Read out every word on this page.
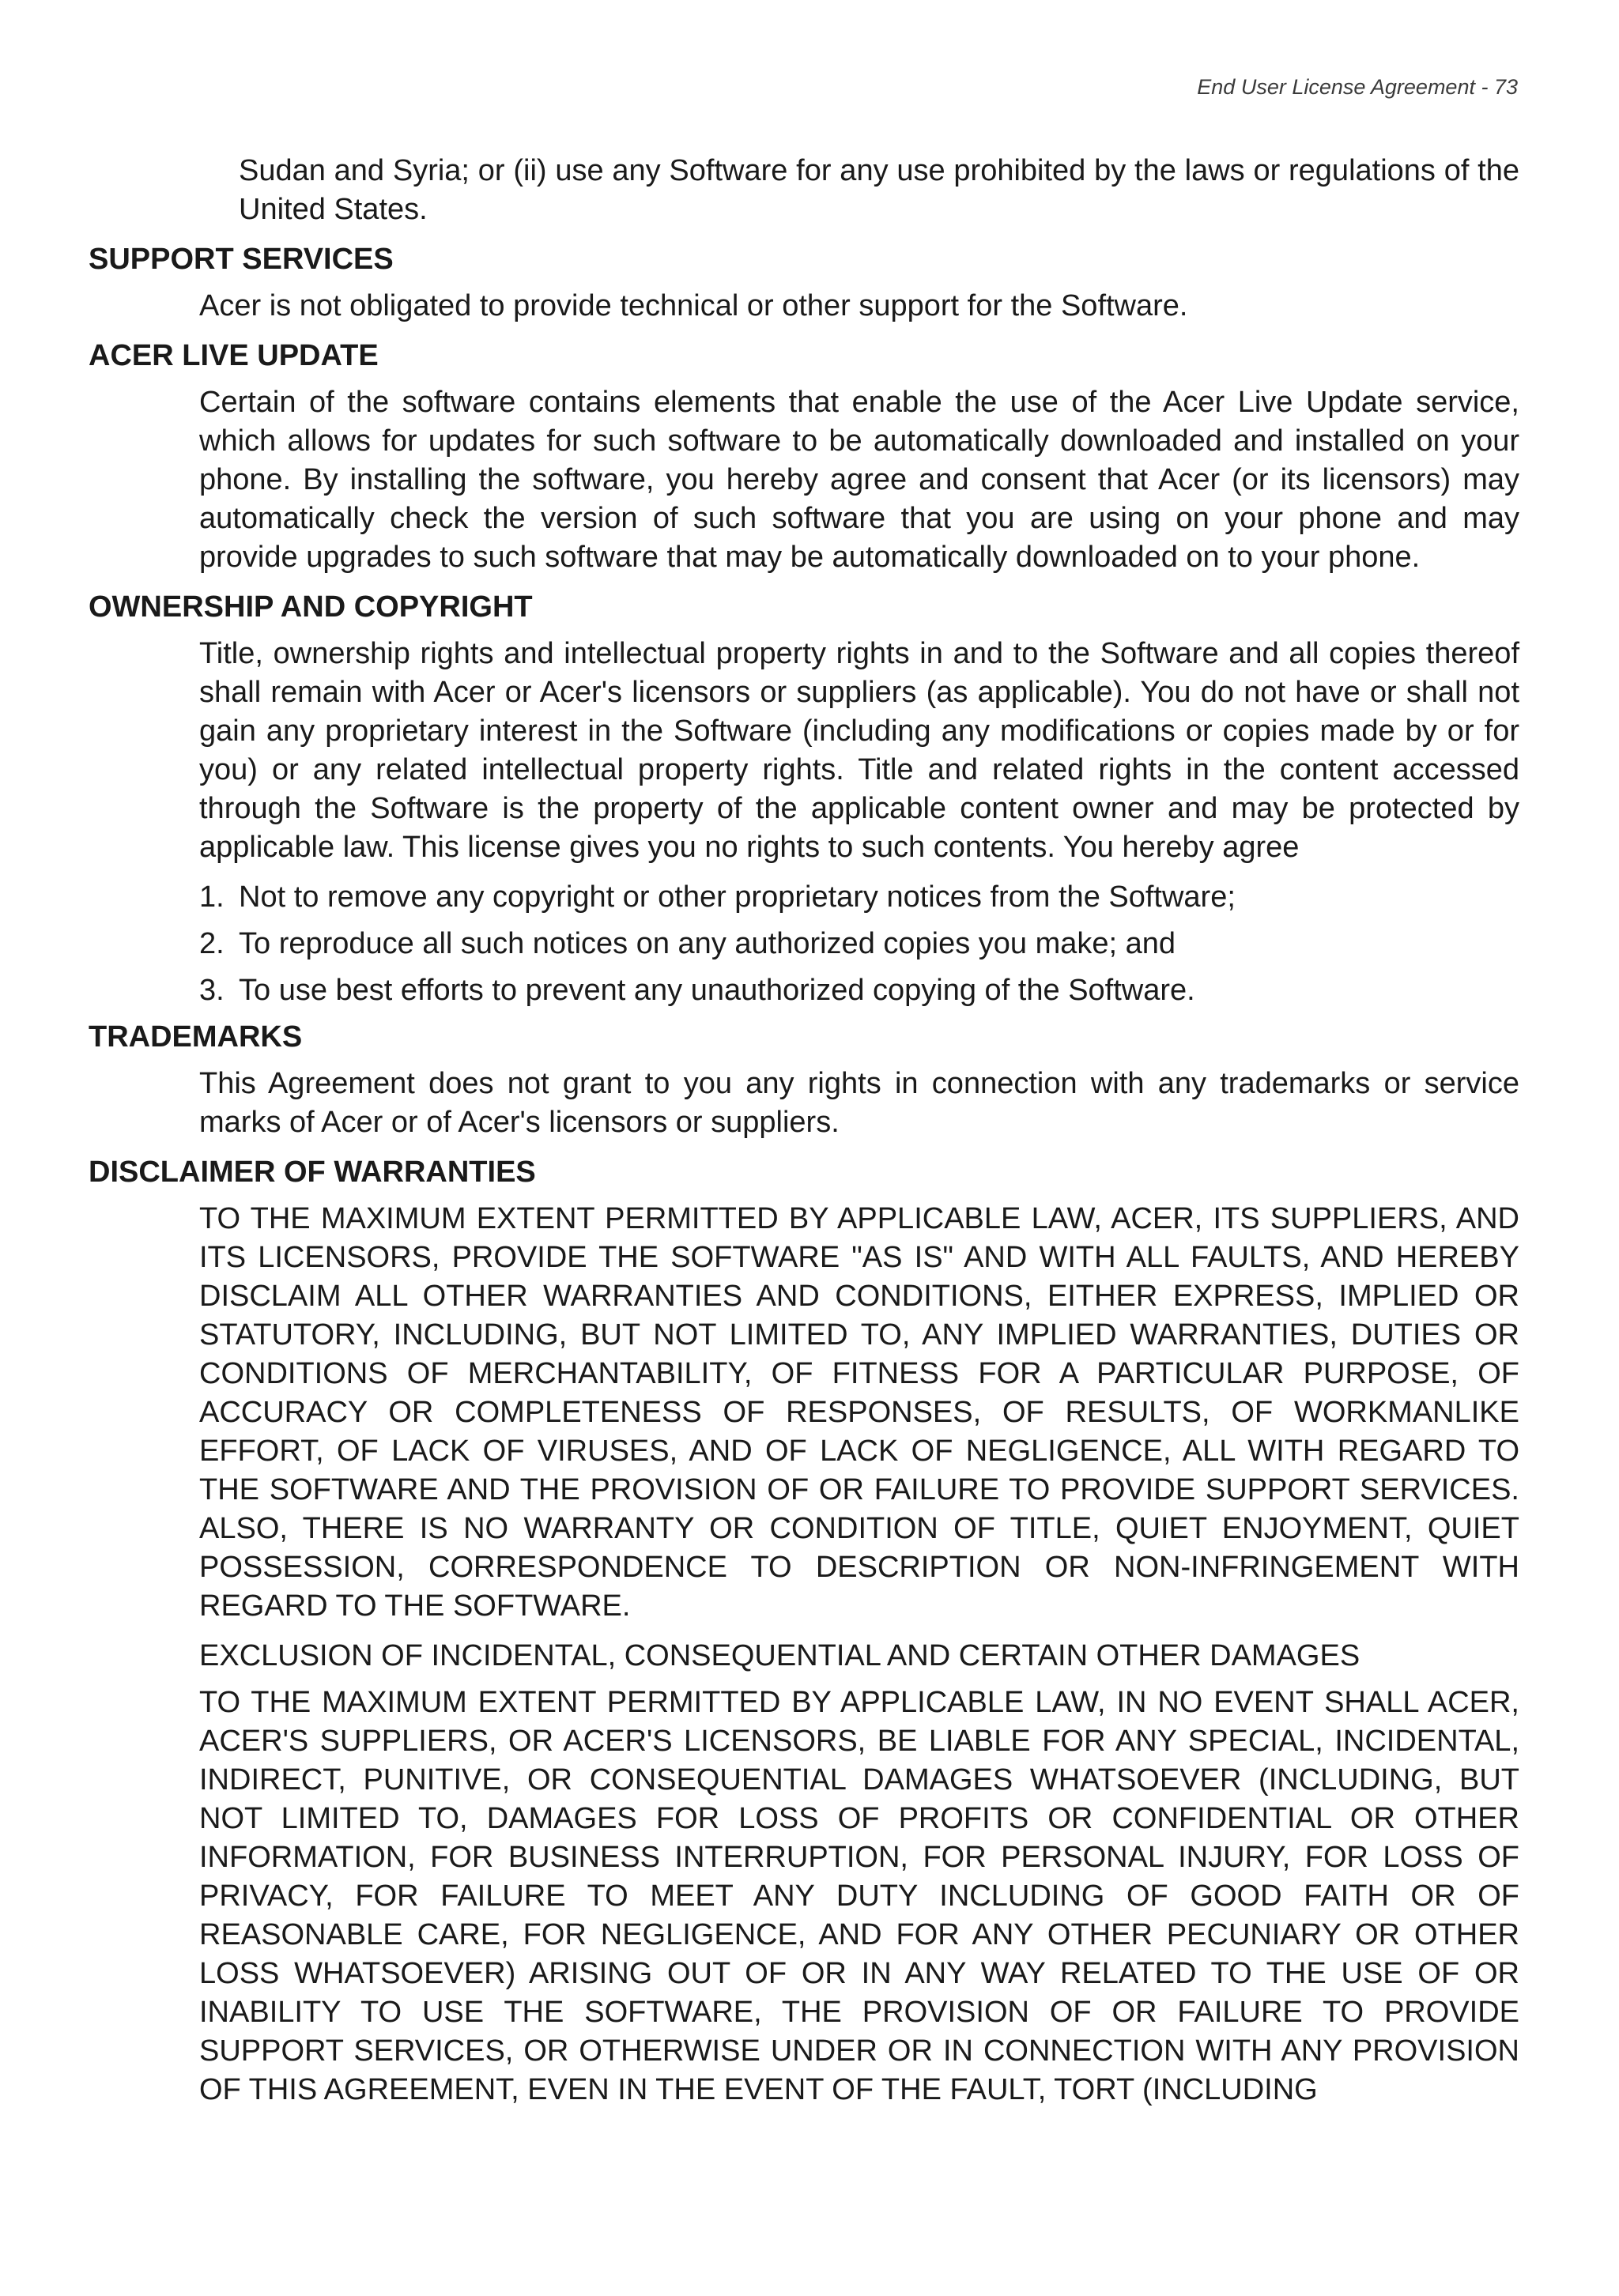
End User License Agreement - 73

Sudan and Syria; or (ii) use any Software for any use prohibited by the laws or regulations of the United States.

SUPPORT SERVICES

Acer is not obligated to provide technical or other support for the Software.

ACER LIVE UPDATE

Certain of the software contains elements that enable the use of the Acer Live Update service, which allows for updates for such software to be automatically downloaded and installed on your phone. By installing the software, you hereby agree and consent that Acer (or its licensors) may automatically check the version of such software that you are using on your phone and may provide upgrades to such software that may be automatically downloaded on to your phone.

OWNERSHIP AND COPYRIGHT

Title, ownership rights and intellectual property rights in and to the Software and all copies thereof shall remain with Acer or Acer's licensors or suppliers (as applicable). You do not have or shall not gain any proprietary interest in the Software (including any modifications or copies made by or for you) or any related intellectual property rights. Title and related rights in the content accessed through the Software is the property of the applicable content owner and may be protected by applicable law. This license gives you no rights to such contents. You hereby agree

1. Not to remove any copyright or other proprietary notices from the Software;
2. To reproduce all such notices on any authorized copies you make; and
3. To use best efforts to prevent any unauthorized copying of the Software.
TRADEMARKS

This Agreement does not grant to you any rights in connection with any trademarks or service marks of Acer or of Acer's licensors or suppliers.

DISCLAIMER OF WARRANTIES

TO THE MAXIMUM EXTENT PERMITTED BY APPLICABLE LAW, ACER, ITS SUPPLIERS, AND ITS LICENSORS, PROVIDE THE SOFTWARE "AS IS" AND WITH ALL FAULTS, AND HEREBY DISCLAIM ALL OTHER WARRANTIES AND CONDITIONS, EITHER EXPRESS, IMPLIED OR STATUTORY, INCLUDING, BUT NOT LIMITED TO, ANY IMPLIED WARRANTIES, DUTIES OR CONDITIONS OF MERCHANTABILITY, OF FITNESS FOR A PARTICULAR PURPOSE, OF ACCURACY OR COMPLETENESS OF RESPONSES, OF RESULTS, OF WORKMANLIKE EFFORT, OF LACK OF VIRUSES, AND OF LACK OF NEGLIGENCE, ALL WITH REGARD TO THE SOFTWARE AND THE PROVISION OF OR FAILURE TO PROVIDE SUPPORT SERVICES. ALSO, THERE IS NO WARRANTY OR CONDITION OF TITLE, QUIET ENJOYMENT, QUIET POSSESSION, CORRESPONDENCE TO DESCRIPTION OR NON-INFRINGEMENT WITH REGARD TO THE SOFTWARE.

EXCLUSION OF INCIDENTAL, CONSEQUENTIAL AND CERTAIN OTHER DAMAGES

TO THE MAXIMUM EXTENT PERMITTED BY APPLICABLE LAW, IN NO EVENT SHALL ACER, ACER'S SUPPLIERS, OR ACER'S LICENSORS, BE LIABLE FOR ANY SPECIAL, INCIDENTAL, INDIRECT, PUNITIVE, OR CONSEQUENTIAL DAMAGES WHATSOEVER (INCLUDING, BUT NOT LIMITED TO, DAMAGES FOR LOSS OF PROFITS OR CONFIDENTIAL OR OTHER INFORMATION, FOR BUSINESS INTERRUPTION, FOR PERSONAL INJURY, FOR LOSS OF PRIVACY, FOR FAILURE TO MEET ANY DUTY INCLUDING OF GOOD FAITH OR OF REASONABLE CARE, FOR NEGLIGENCE, AND FOR ANY OTHER PECUNIARY OR OTHER LOSS WHATSOEVER) ARISING OUT OF OR IN ANY WAY RELATED TO THE USE OF OR INABILITY TO USE THE SOFTWARE, THE PROVISION OF OR FAILURE TO PROVIDE SUPPORT SERVICES, OR OTHERWISE UNDER OR IN CONNECTION WITH ANY PROVISION OF THIS AGREEMENT, EVEN IN THE EVENT OF THE FAULT, TORT (INCLUDING
